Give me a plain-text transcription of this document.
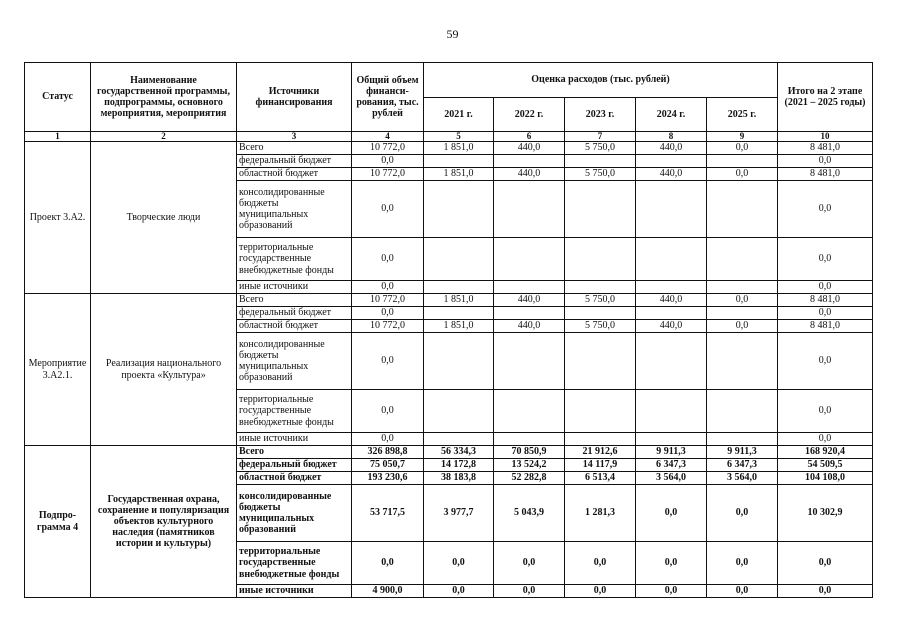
59
Статус	Наименование государственной программы, подпрограммы, основного мероприятия, мероприятия	Источники финансирования	Общий объем финанси- рования, тыс. рублей	Оценка расходов (тыс. рублей)					Итого на 2 этапе (2021 – 2025 годы)
				2021 г.	2022 г.	2023 г.	2024 г.	2025 г.	
1	2	3	4	5	6	7	8	9	10
Проект 3.А2.	Творческие люди	Всего	10 772,0	1 851,0	440,0	5 750,0	440,0	0,0	8 481,0
		федеральный бюджет	0,0						0,0
		областной бюджет	10 772,0	1 851,0	440,0	5 750,0	440,0	0,0	8 481,0
		консолидированные бюджеты муниципальных образований	0,0						0,0
		территориальные государственные внебюджетные фонды	0,0						0,0
		иные источники	0,0						0,0
Мероприятие 3.А2.1.	Реализация национального проекта «Культура»	Всего	10 772,0	1 851,0	440,0	5 750,0	440,0	0,0	8 481,0
		федеральный бюджет	0,0						0,0
		областной бюджет	10 772,0	1 851,0	440,0	5 750,0	440,0	0,0	8 481,0
		консолидированные бюджеты муниципальных образований	0,0						0,0
		территориальные государственные внебюджетные фонды	0,0						0,0
		иные источники	0,0						0,0
Подпро- грамма 4	Государственная охрана, сохранение и популяризация объектов культурного наследия (памятников истории и культуры)	Всего	326 898,8	56 334,3	70 850,9	21 912,6	9 911,3	9 911,3	168 920,4
		федеральный бюджет	75 050,7	14 172,8	13 524,2	14 117,9	6 347,3	6 347,3	54 509,5
		областной бюджет	193 230,6	38 183,8	52 282,8	6 513,4	3 564,0	3 564,0	104 108,0
		консолидированные бюджеты муниципальных образований	53 717,5	3 977,7	5 043,9	1 281,3	0,0	0,0	10 302,9
		территориальные государственные внебюджетные фонды	0,0	0,0	0,0	0,0	0,0	0,0	0,0
		иные источники	4 900,0	0,0	0,0	0,0	0,0	0,0	0,0
